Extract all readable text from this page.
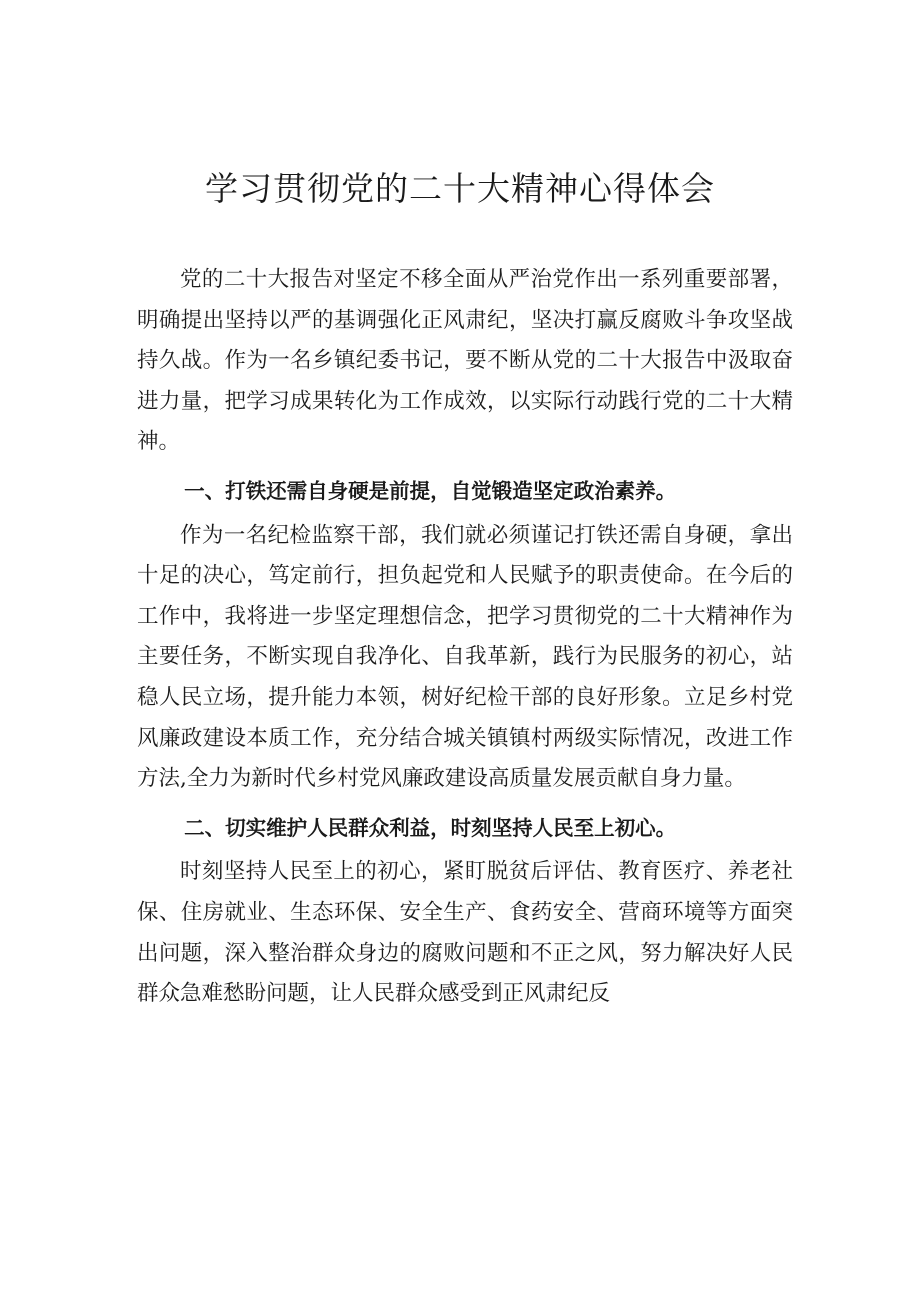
学习贯彻党的二十大精神心得体会

党的二十大报告对坚定不移全面从严治党作出一系列重要部署，明确提出坚持以严的基调强化正风肃纪，坚决打赢反腐败斗争攻坚战持久战。作为一名乡镇纪委书记，要不断从党的二十大报告中汲取奋进力量，把学习成果转化为工作成效，以实际行动践行党的二十大精神。

一、打铁还需自身硬是前提，自觉锻造坚定政治素养。

作为一名纪检监察干部，我们就必须谨记打铁还需自身硬，拿出十足的决心，笃定前行，担负起党和人民赋予的职责使命。在今后的工作中，我将进一步坚定理想信念，把学习贯彻党的二十大精神作为主要任务，不断实现自我净化、自我革新，践行为民服务的初心，站稳人民立场，提升能力本领，树好纪检干部的良好形象。立足乡村党风廉政建设本质工作，充分结合城关镇镇村两级实际情况，改进工作方法,全力为新时代乡村党风廉政建设高质量发展贡献自身力量。

二、切实维护人民群众利益，时刻坚持人民至上初心。

时刻坚持人民至上的初心，紧盯脱贫后评估、教育医疗、养老社保、住房就业、生态环保、安全生产、食药安全、营商环境等方面突出问题，深入整治群众身边的腐败问题和不正之风，努力解决好人民群众急难愁盼问题，让人民群众感受到正风肃纪反
